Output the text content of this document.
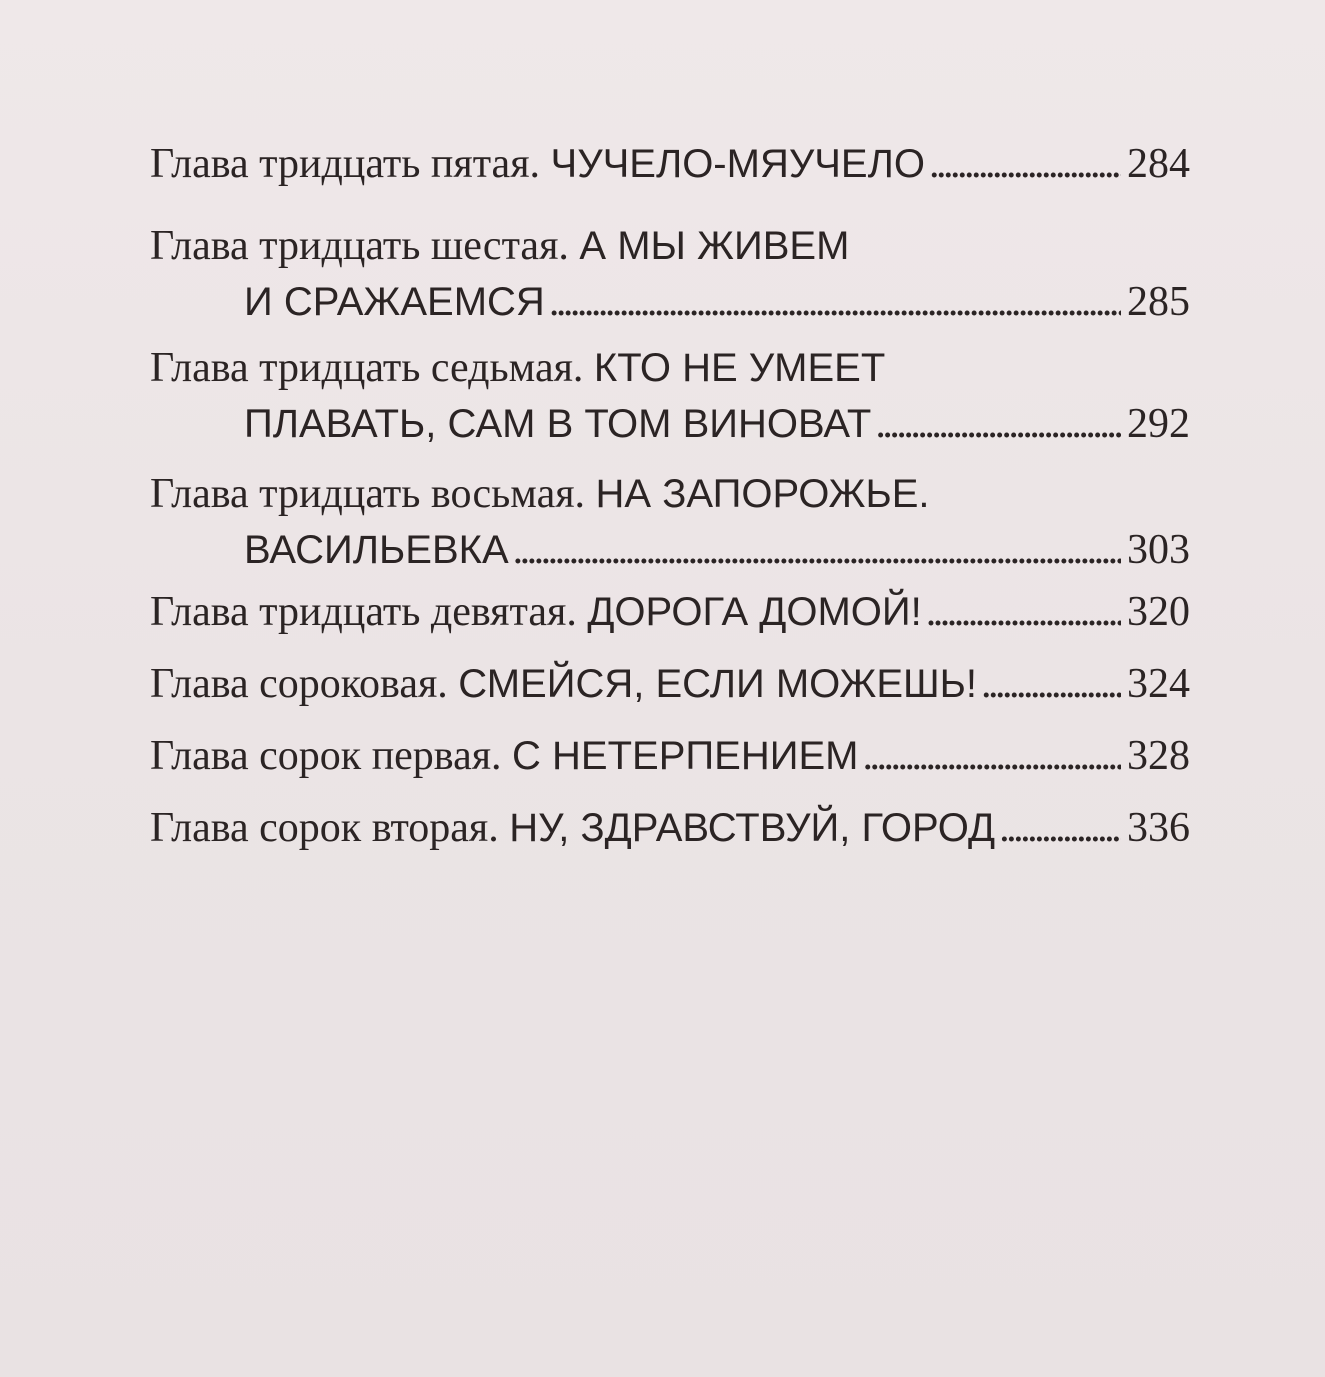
Глава тридцать пятая.
ЧУЧЕЛО-МЯУЧЕЛО . . .	284
Глава тридцать шестая.
А МЫ ЖИВЕМ
И СРАЖАЕМСЯ . . .	285
Глава тридцать седьмая.
КТО НЕ УМЕЕТ
ПЛАВАТЬ, САМ В ТОМ ВИНОВАТ . . .	292
Глава тридцать восьмая.
НА ЗАПОРОЖЬЕ.
ВАСИЛЬЕВКА . . .	303
Глава тридцать девятая.
ДОРОГА ДОМОЙ! . . .	320
Глава сороковая.
СМЕЙСЯ, ЕСЛИ МОЖЕШЬ! . . .	324
Глава сорок первая.
С НЕТЕРПЕНИЕМ . . .	328
Глава сорок вторая.
НУ, ЗДРАВСТВУЙ, ГОРОД . . .	336
